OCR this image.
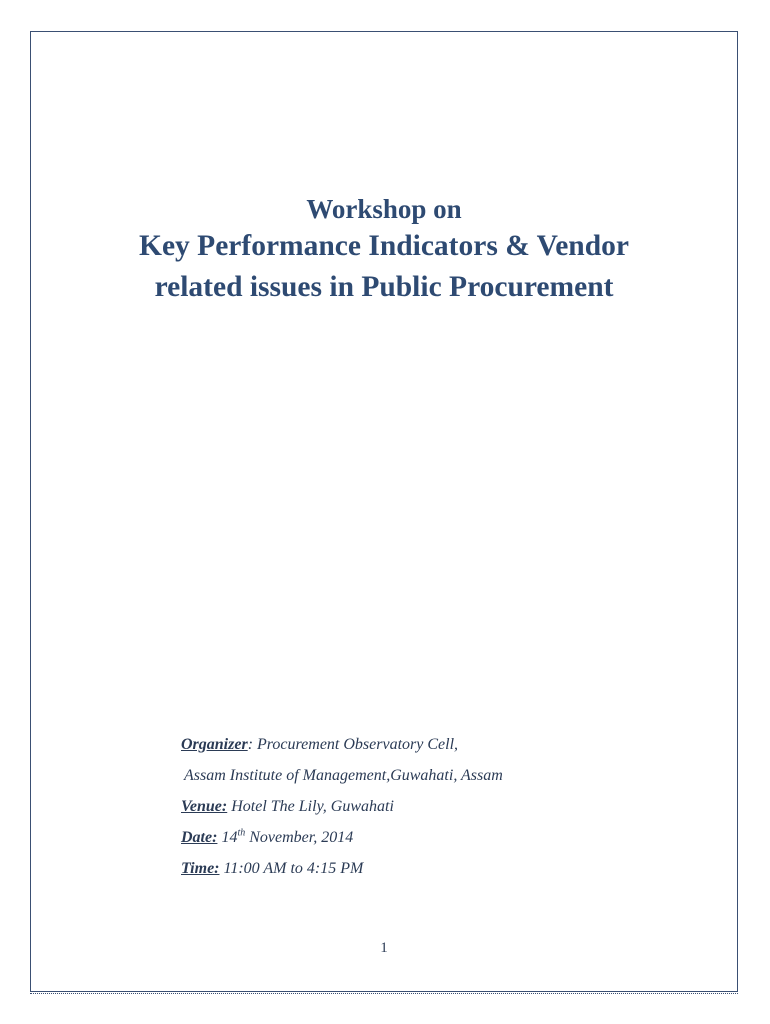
Workshop on
Key Performance Indicators & Vendor
related issues in Public Procurement
Organizer: Procurement Observatory Cell,
Assam Institute of Management,Guwahati, Assam
Venue: Hotel The Lily, Guwahati
Date: 14th November, 2014
Time: 11:00 AM to 4:15 PM
1
